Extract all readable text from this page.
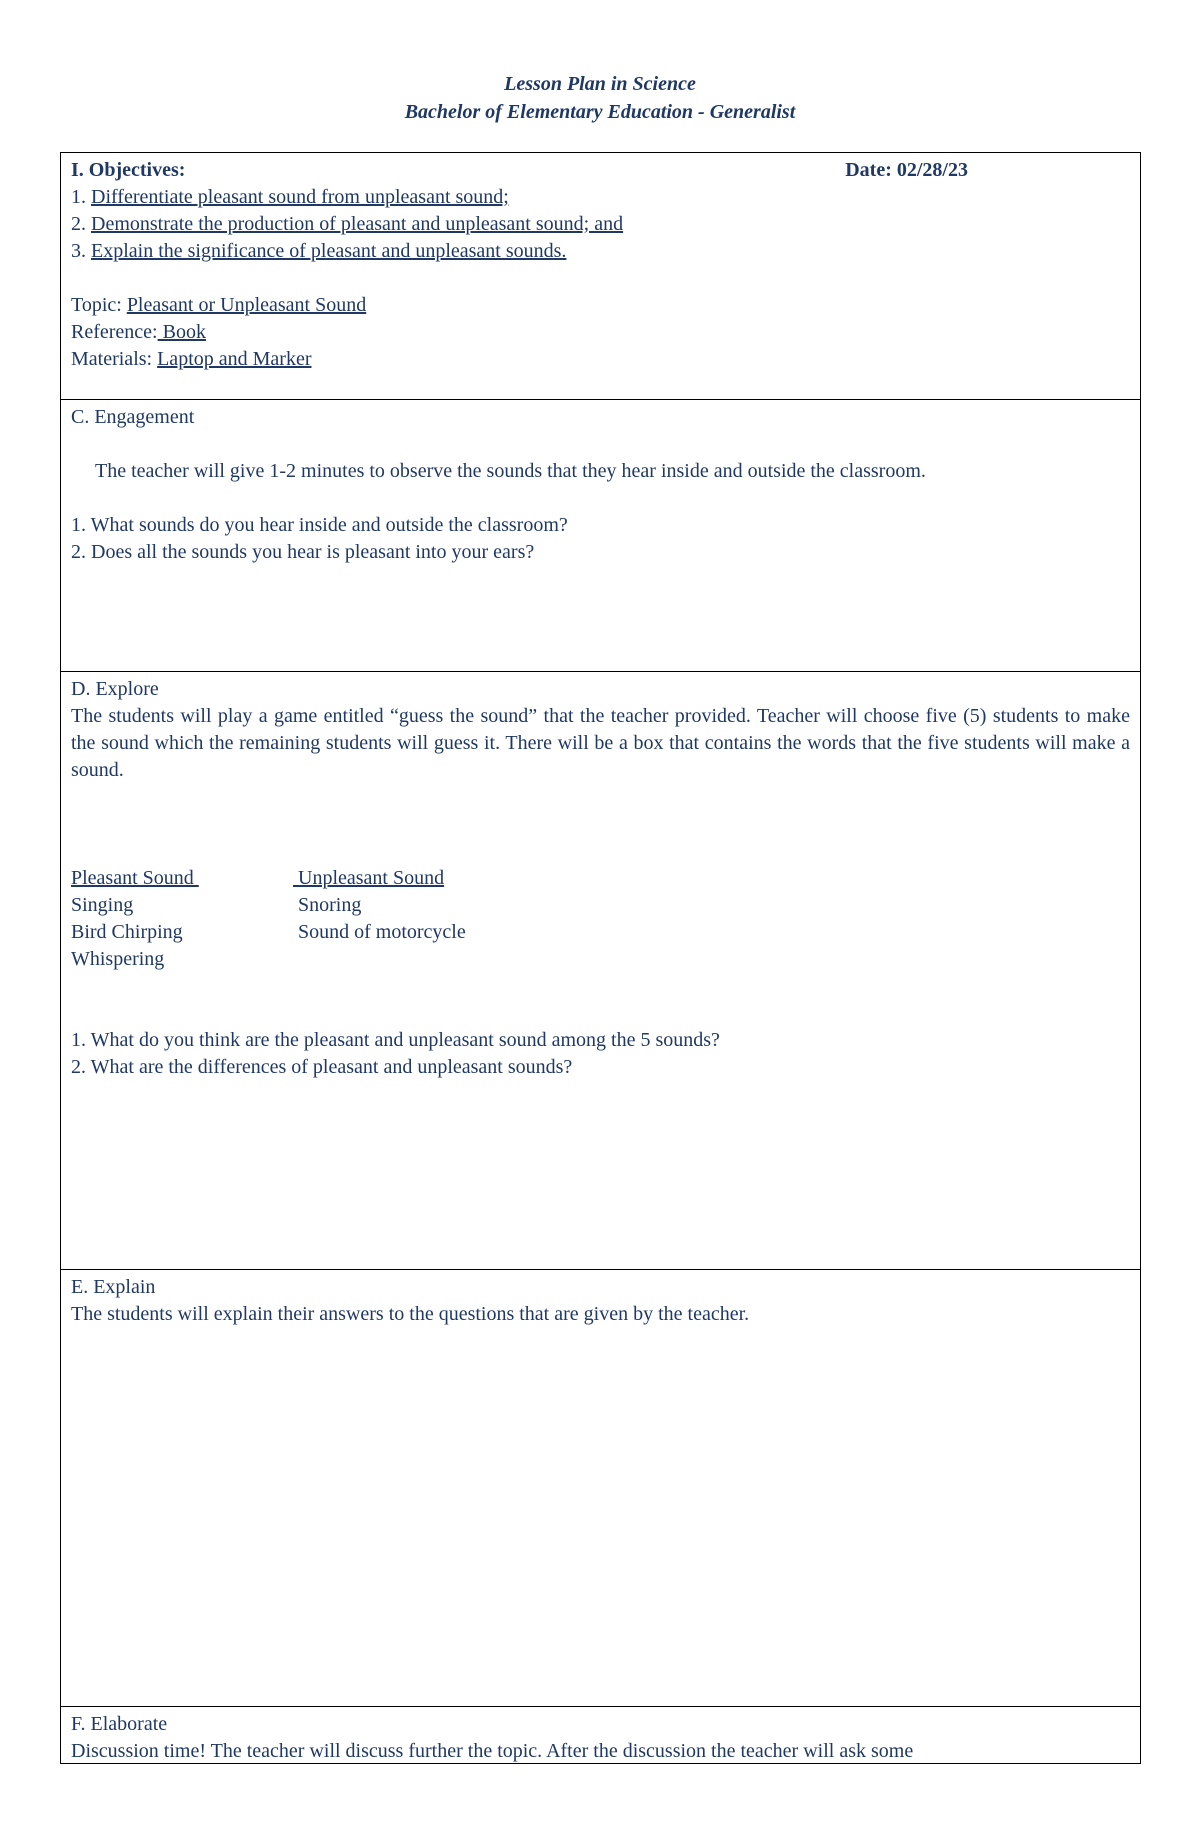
Lesson Plan in Science
Bachelor of Elementary Education - Generalist
I. Objectives:	Date: 02/28/23
1. Differentiate pleasant sound from unpleasant sound;
2. Demonstrate the production of pleasant and unpleasant sound; and
3. Explain the significance of pleasant and unpleasant sounds.
Topic: Pleasant or Unpleasant Sound
Reference: Book
Materials: Laptop and Marker
C. Engagement
The teacher will give 1-2 minutes to observe the sounds that they hear inside and outside the classroom.
1. What sounds do you hear inside and outside the classroom?
2. Does all the sounds you hear is pleasant into your ears?
D. Explore
The students will play a game entitled “guess the sound” that the teacher provided. Teacher will choose five (5) students to make the sound which the remaining students will guess it. There will be a box that contains the words that the five students will make a sound.
Pleasant Sound
Singing
Bird Chirping
Whispering
Unpleasant Sound
Snoring
Sound of motorcycle
1. What do you think are the pleasant and unpleasant sound among the 5 sounds?
2. What are the differences of pleasant and unpleasant sounds?
E. Explain
The students will explain their answers to the questions that are given by the teacher.
F. Elaborate
Discussion time! The teacher will discuss further the topic. After the discussion the teacher will ask some
